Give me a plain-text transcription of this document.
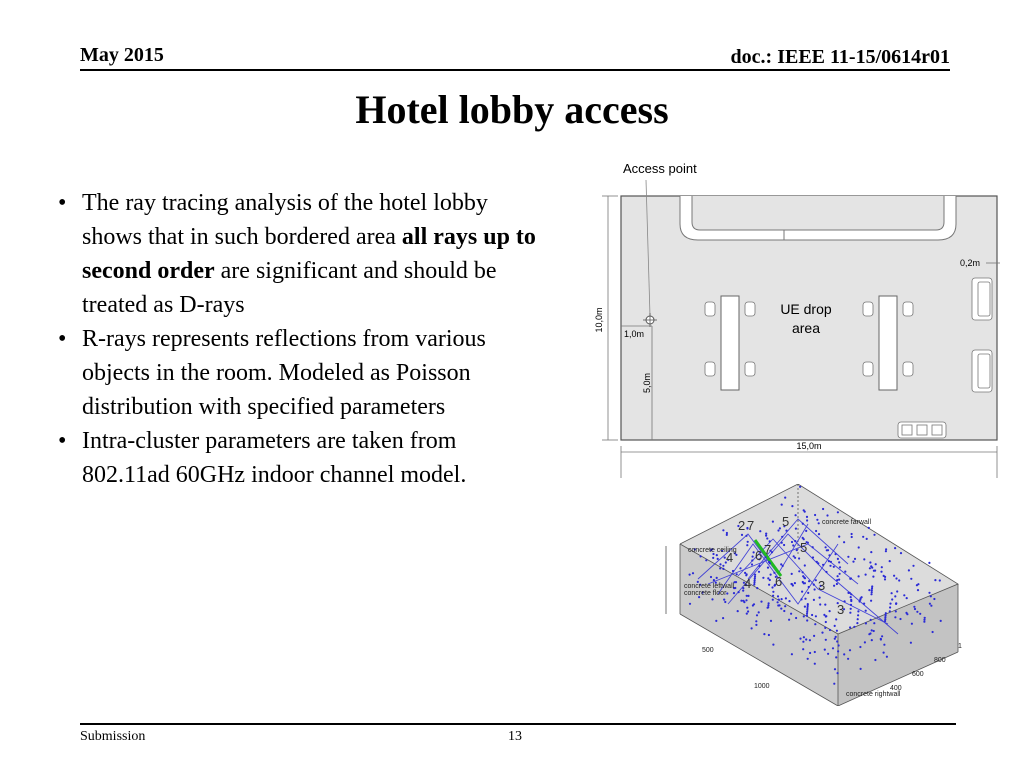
May 2015	doc.: IEEE 11-15/0614r01
Hotel lobby access
• The ray tracing analysis of the hotel lobby shows that in such bordered area all rays up to second order are significant and should be treated as D-rays
• R-rays represents reflections from various objects in the room. Modeled as Poisson distribution with specified parameters
• Intra-cluster parameters are taken from 802.11ad 60GHz indoor channel model.
Access point
UE drop
area
10,0m
1,0m
5,0m
0,2m
15,0m
2 7 5
4 6 7 5
4 6	3
3
concrete farwall
concrete ceiling
concrete leftwall
concrete floor
concrete rightwall
500
1000	400
600
800
1
Submission	13
